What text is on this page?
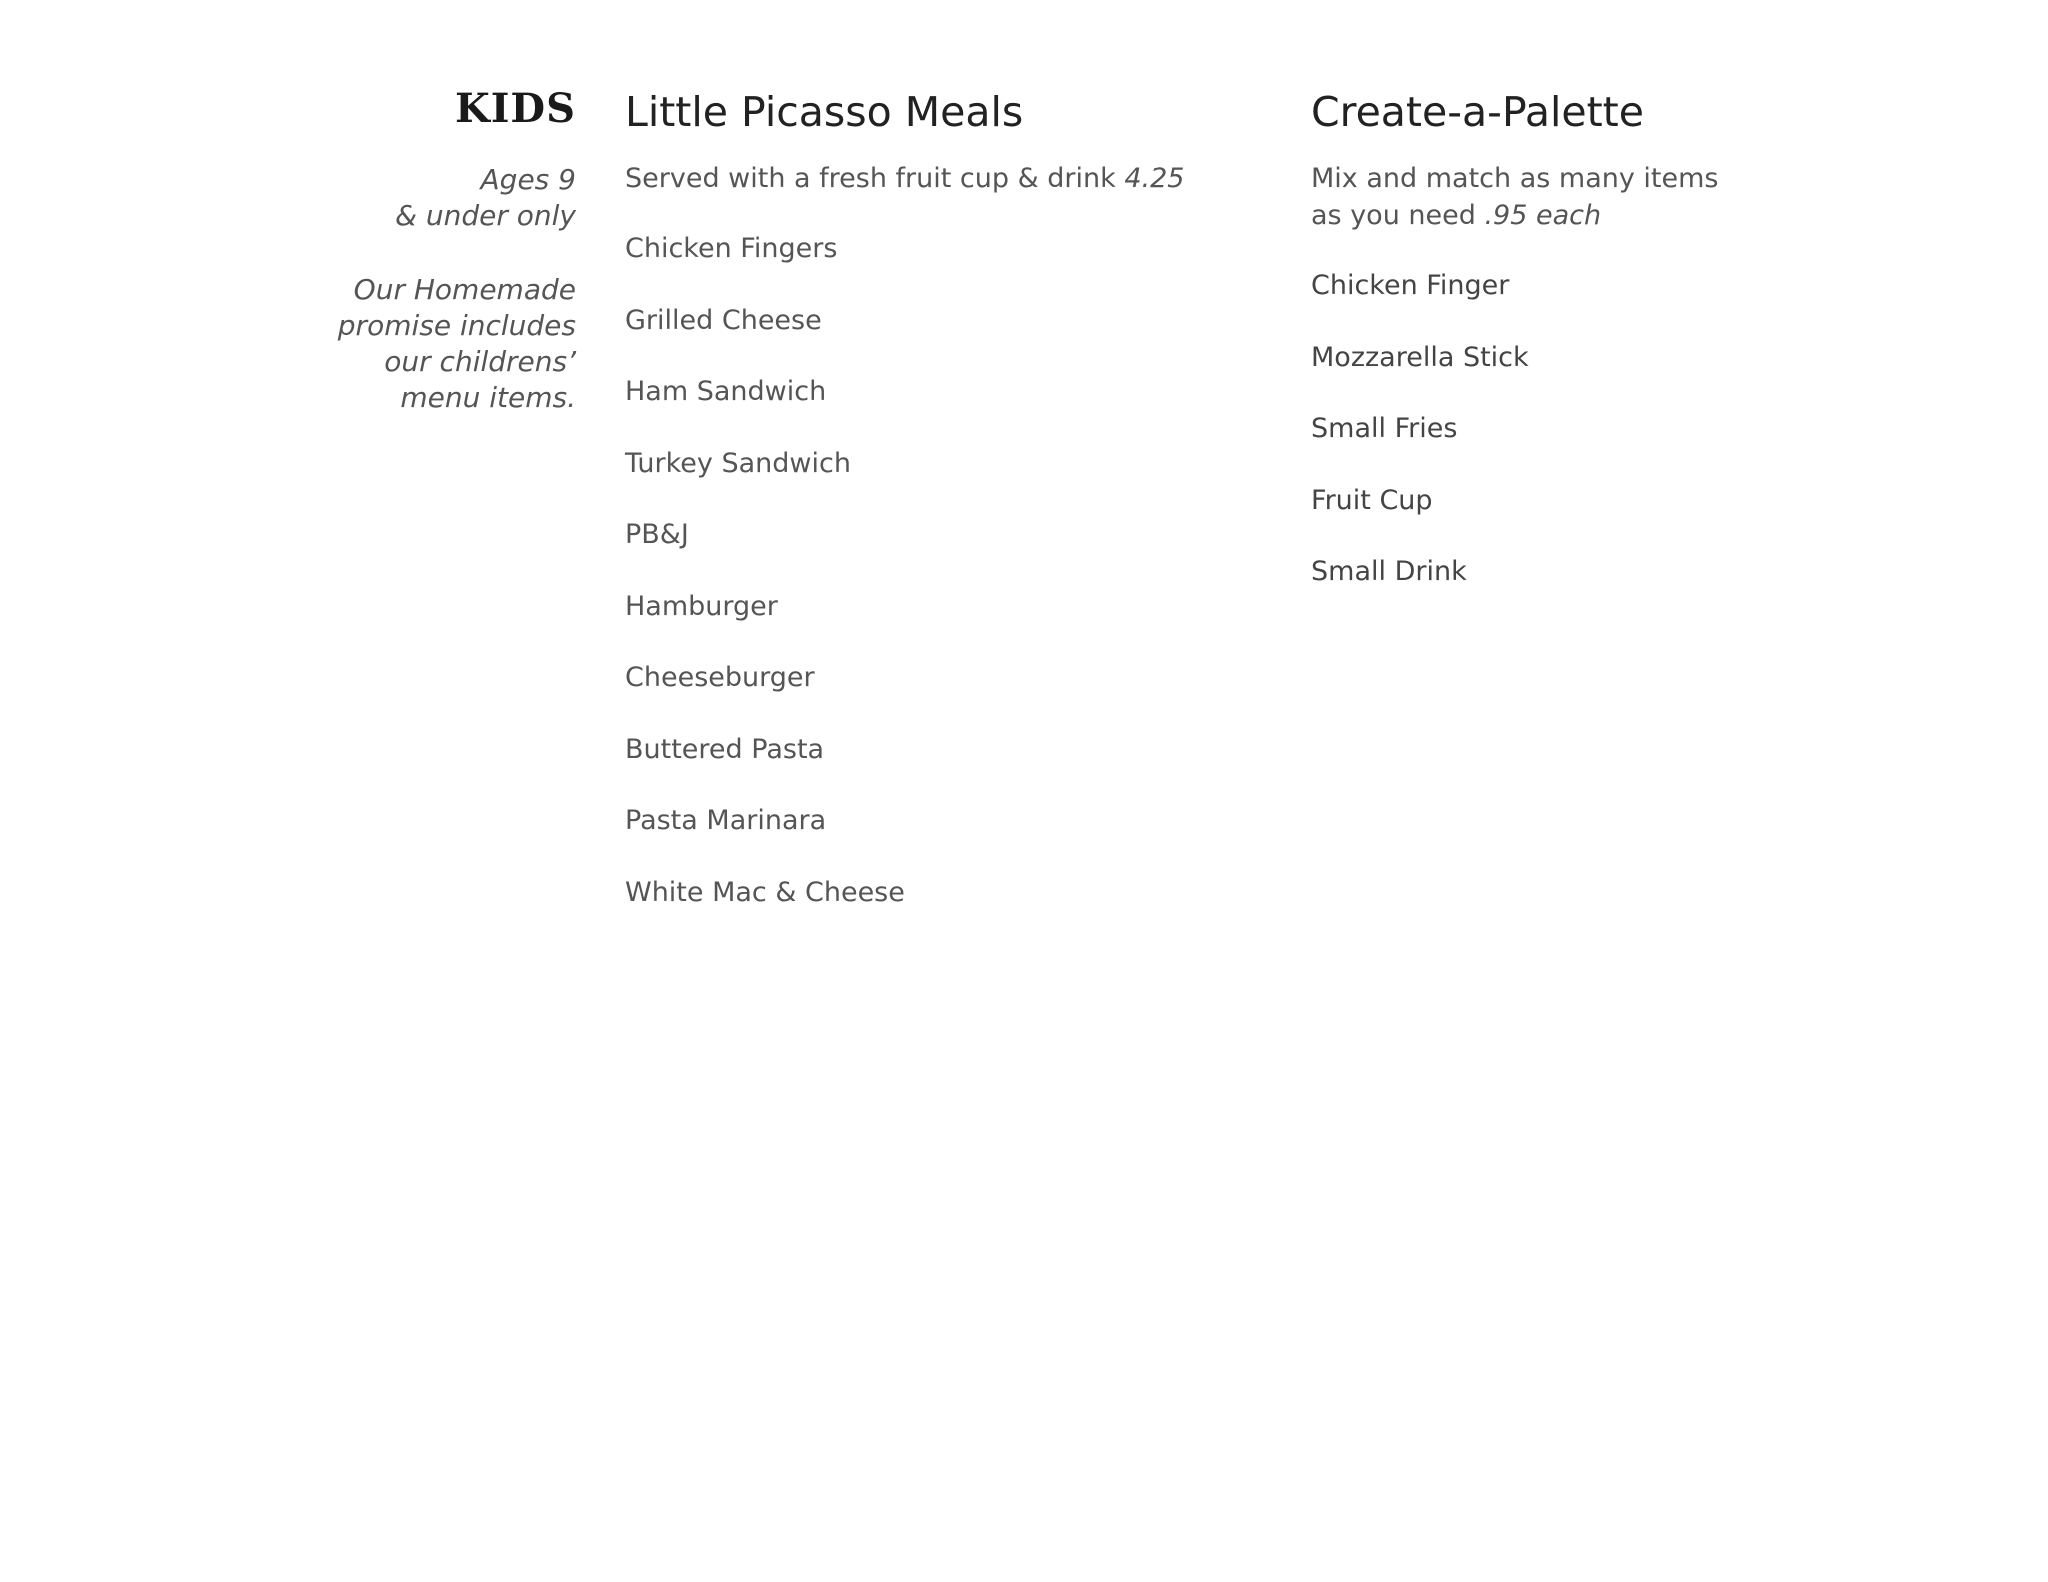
KIDS

Ages 9
& under only

Our Homemade
promise includes
our childrens’
menu items.

Little Picasso Meals

Served with a fresh fruit cup & drink 4.25

Chicken Fingers
Grilled Cheese
Ham Sandwich
Turkey Sandwich
PB&J
Hamburger
Cheeseburger
Buttered Pasta
Pasta Marinara
White Mac & Cheese
Create-a-Palette

Mix and match as many items
as you need .95 each

Chicken Finger
Mozzarella Stick
Small Fries
Fruit Cup
Small Drink
